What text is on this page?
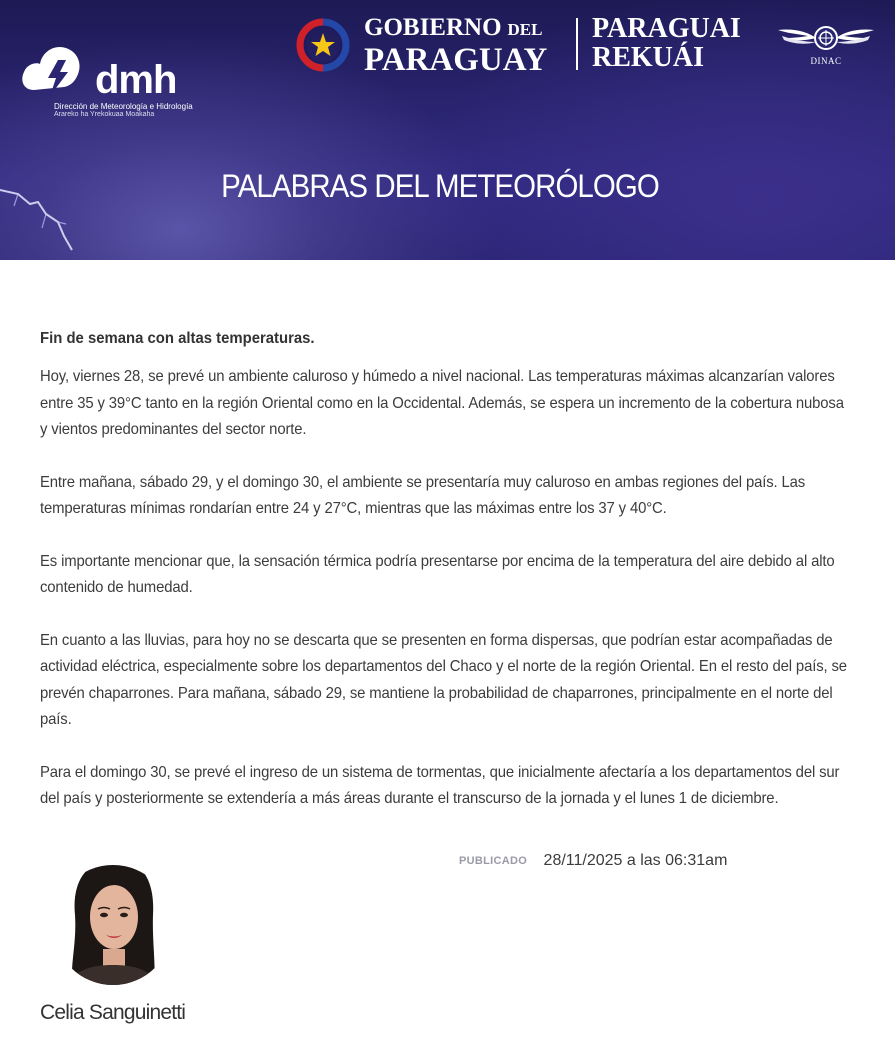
dmh
Dirección de Meteorología e Hidrología
Arareko ha Yrekokuaa Moakaha
GOBIERNO DEL
PARAGUAY
PARAGUAI
REKUÁI	DINAC
PALABRAS DEL METEORÓLOGO
Fin de semana con altas temperaturas.
Hoy, viernes 28, se prevé un ambiente caluroso y húmedo a nivel nacional. Las temperaturas máximas alcanzarían valores entre 35 y 39°C tanto en la región Oriental como en la Occidental. Además, se espera un incremento de la cobertura nubosa y vientos predominantes del sector norte.
Entre mañana, sábado 29, y el domingo 30, el ambiente se presentaría muy caluroso en ambas regiones del país. Las temperaturas mínimas rondarían entre 24 y 27°C, mientras que las máximas entre los 37 y 40°C.
Es importante mencionar que, la sensación térmica podría presentarse por encima de la temperatura del aire debido al alto contenido de humedad.
En cuanto a las lluvias, para hoy no se descarta que se presenten en forma dispersas, que podrían estar acompañadas de actividad eléctrica, especialmente sobre los departamentos del Chaco y el norte de la región Oriental. En el resto del país, se prevén chaparrones. Para mañana, sábado 29, se mantiene la probabilidad de chaparrones, principalmente en el norte del país.
Para el domingo 30, se prevé el ingreso de un sistema de tormentas, que inicialmente afectaría a los departamentos del sur del país y posteriormente se extendería a más áreas durante el transcurso de la jornada y el lunes 1 de diciembre.
PUBLICADO 28/11/2025 a las 06:31am
Celia Sanguinetti
